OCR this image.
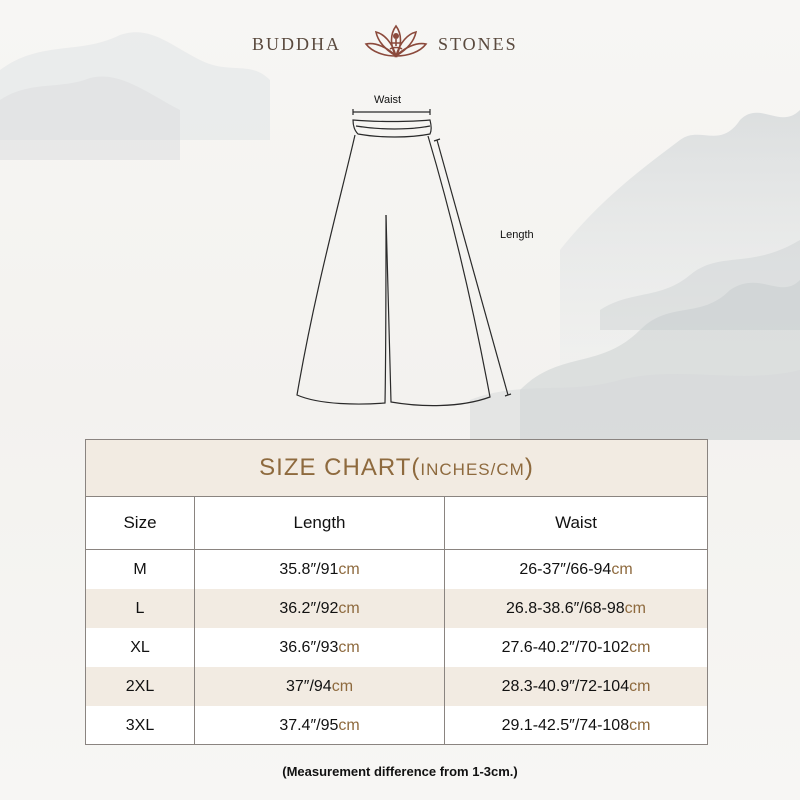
BUDDHA	STONES
Waist
Length
SIZE CHART(INCHES/CM)
Size	Length	Waist
M	35.8″/91cm	26-37″/66-94cm
L	36.2″/92cm	26.8-38.6″/68-98cm
XL	36.6″/93cm	27.6-40.2″/70-102cm
2XL	37″/94cm	28.3-40.9″/72-104cm
3XL	37.4″/95cm	29.1-42.5″/74-108cm
(Measurement difference from 1-3cm.)
